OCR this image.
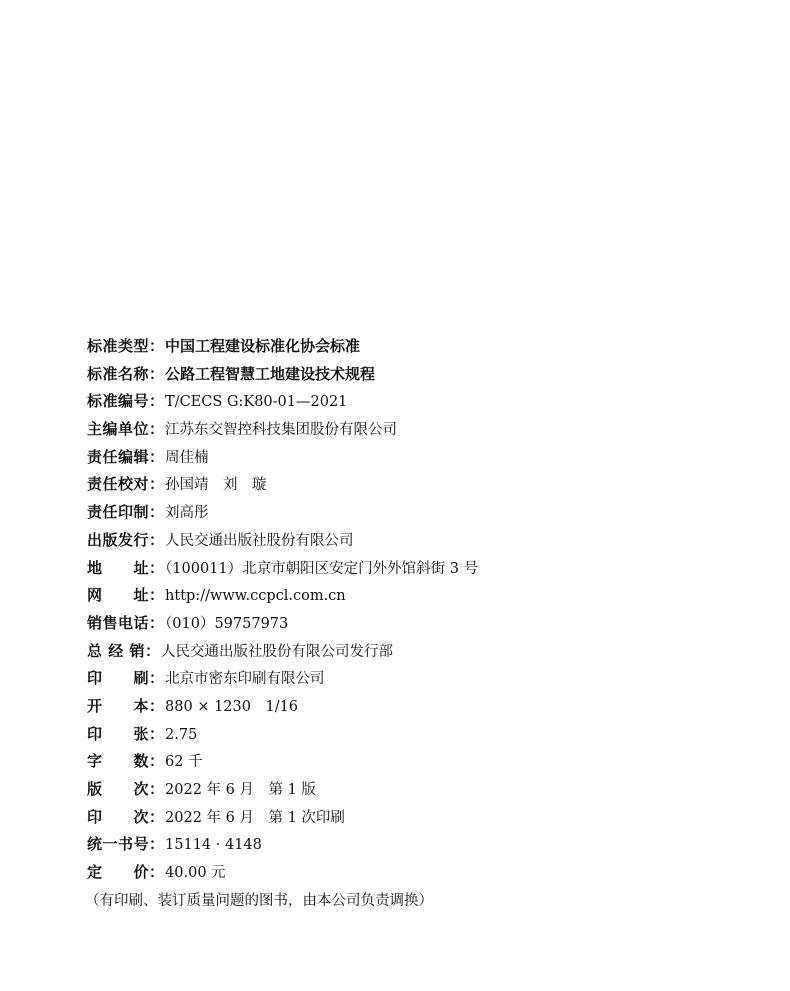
标准类型：中国工程建设标准化协会标准
标准名称：公路工程智慧工地建设技术规程
标准编号：T/CECS G:K80-01—2021
主编单位：江苏东交智控科技集团股份有限公司
责任编辑：周佳楠
责任校对：孙国靖　刘　璇
责任印制：刘高彤
出版发行：人民交通出版社股份有限公司
地　　址：（100011）北京市朝阳区安定门外外馆斜街 3 号
网　　址：http://www.ccpcl.com.cn
销售电话：（010）59757973
总 经 销：人民交通出版社股份有限公司发行部
印　　刷：北京市密东印刷有限公司
开　　本：880 × 1230　1/16
印　　张：2.75
字　　数：62 千
版　　次：2022 年 6 月　第 1 版
印　　次：2022 年 6 月　第 1 次印刷
统一书号：15114 · 4148
定　　价：40.00 元
（有印刷、装订质量问题的图书，由本公司负责调换）
